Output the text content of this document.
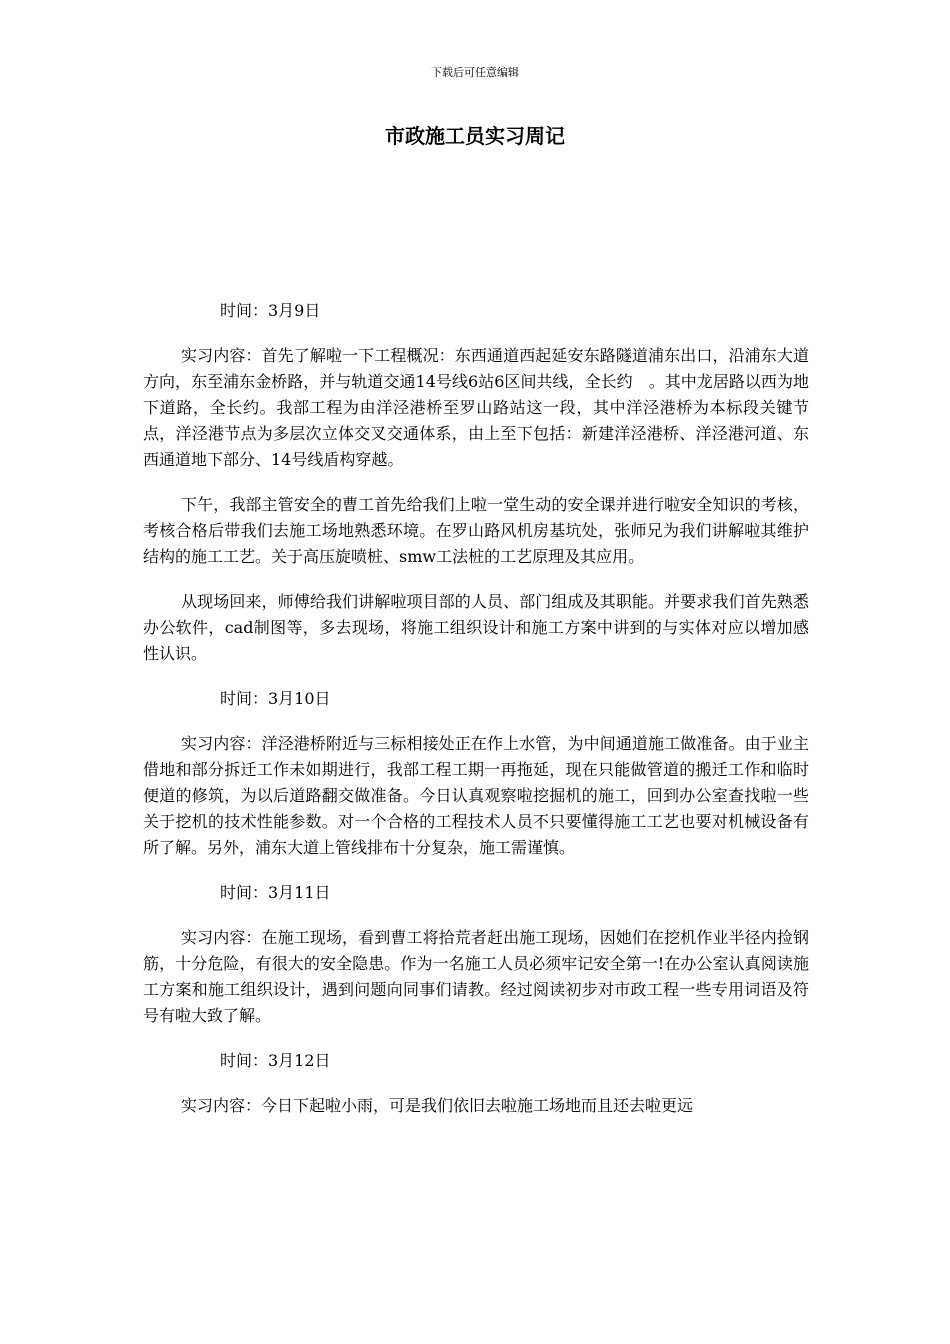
下载后可任意编辑
市政施工员实习周记
时间：3月9日

实习内容：首先了解啦一下工程概况：东西通道西起延安东路隧道浦东出口，沿浦东大道方向，东至浦东金桥路，并与轨道交通14号线6站6区间共线，全长约　。其中龙居路以西为地下道路，全长约。我部工程为由洋泾港桥至罗山路站这一段，其中洋泾港桥为本标段关键节点，洋泾港节点为多层次立体交叉交通体系，由上至下包括：新建洋泾港桥、洋泾港河道、东西通道地下部分、14号线盾构穿越。

下午，我部主管安全的曹工首先给我们上啦一堂生动的安全课并进行啦安全知识的考核，考核合格后带我们去施工场地熟悉环境。在罗山路风机房基坑处，张师兄为我们讲解啦其维护结构的施工工艺。关于高压旋喷桩、smw工法桩的工艺原理及其应用。

从现场回来，师傅给我们讲解啦项目部的人员、部门组成及其职能。并要求我们首先熟悉办公软件，cad制图等，多去现场，将施工组织设计和施工方案中讲到的与实体对应以增加感性认识。

时间：3月10日

实习内容：洋泾港桥附近与三标相接处正在作上水管，为中间通道施工做准备。由于业主借地和部分拆迁工作未如期进行，我部工程工期一再拖延，现在只能做管道的搬迁工作和临时便道的修筑，为以后道路翻交做准备。今日认真观察啦挖掘机的施工，回到办公室查找啦一些关于挖机的技术性能参数。对一个合格的工程技术人员不只要懂得施工工艺也要对机械设备有所了解。另外，浦东大道上管线排布十分复杂，施工需谨慎。

时间：3月11日

实习内容：在施工现场，看到曹工将拾荒者赶出施工现场，因她们在挖机作业半径内捡钢筋，十分危险，有很大的安全隐患。作为一名施工人员必须牢记安全第一!在办公室认真阅读施工方案和施工组织设计，遇到问题向同事们请教。经过阅读初步对市政工程一些专用词语及符号有啦大致了解。

时间：3月12日

实习内容：今日下起啦小雨，可是我们依旧去啦施工场地而且还去啦更远
